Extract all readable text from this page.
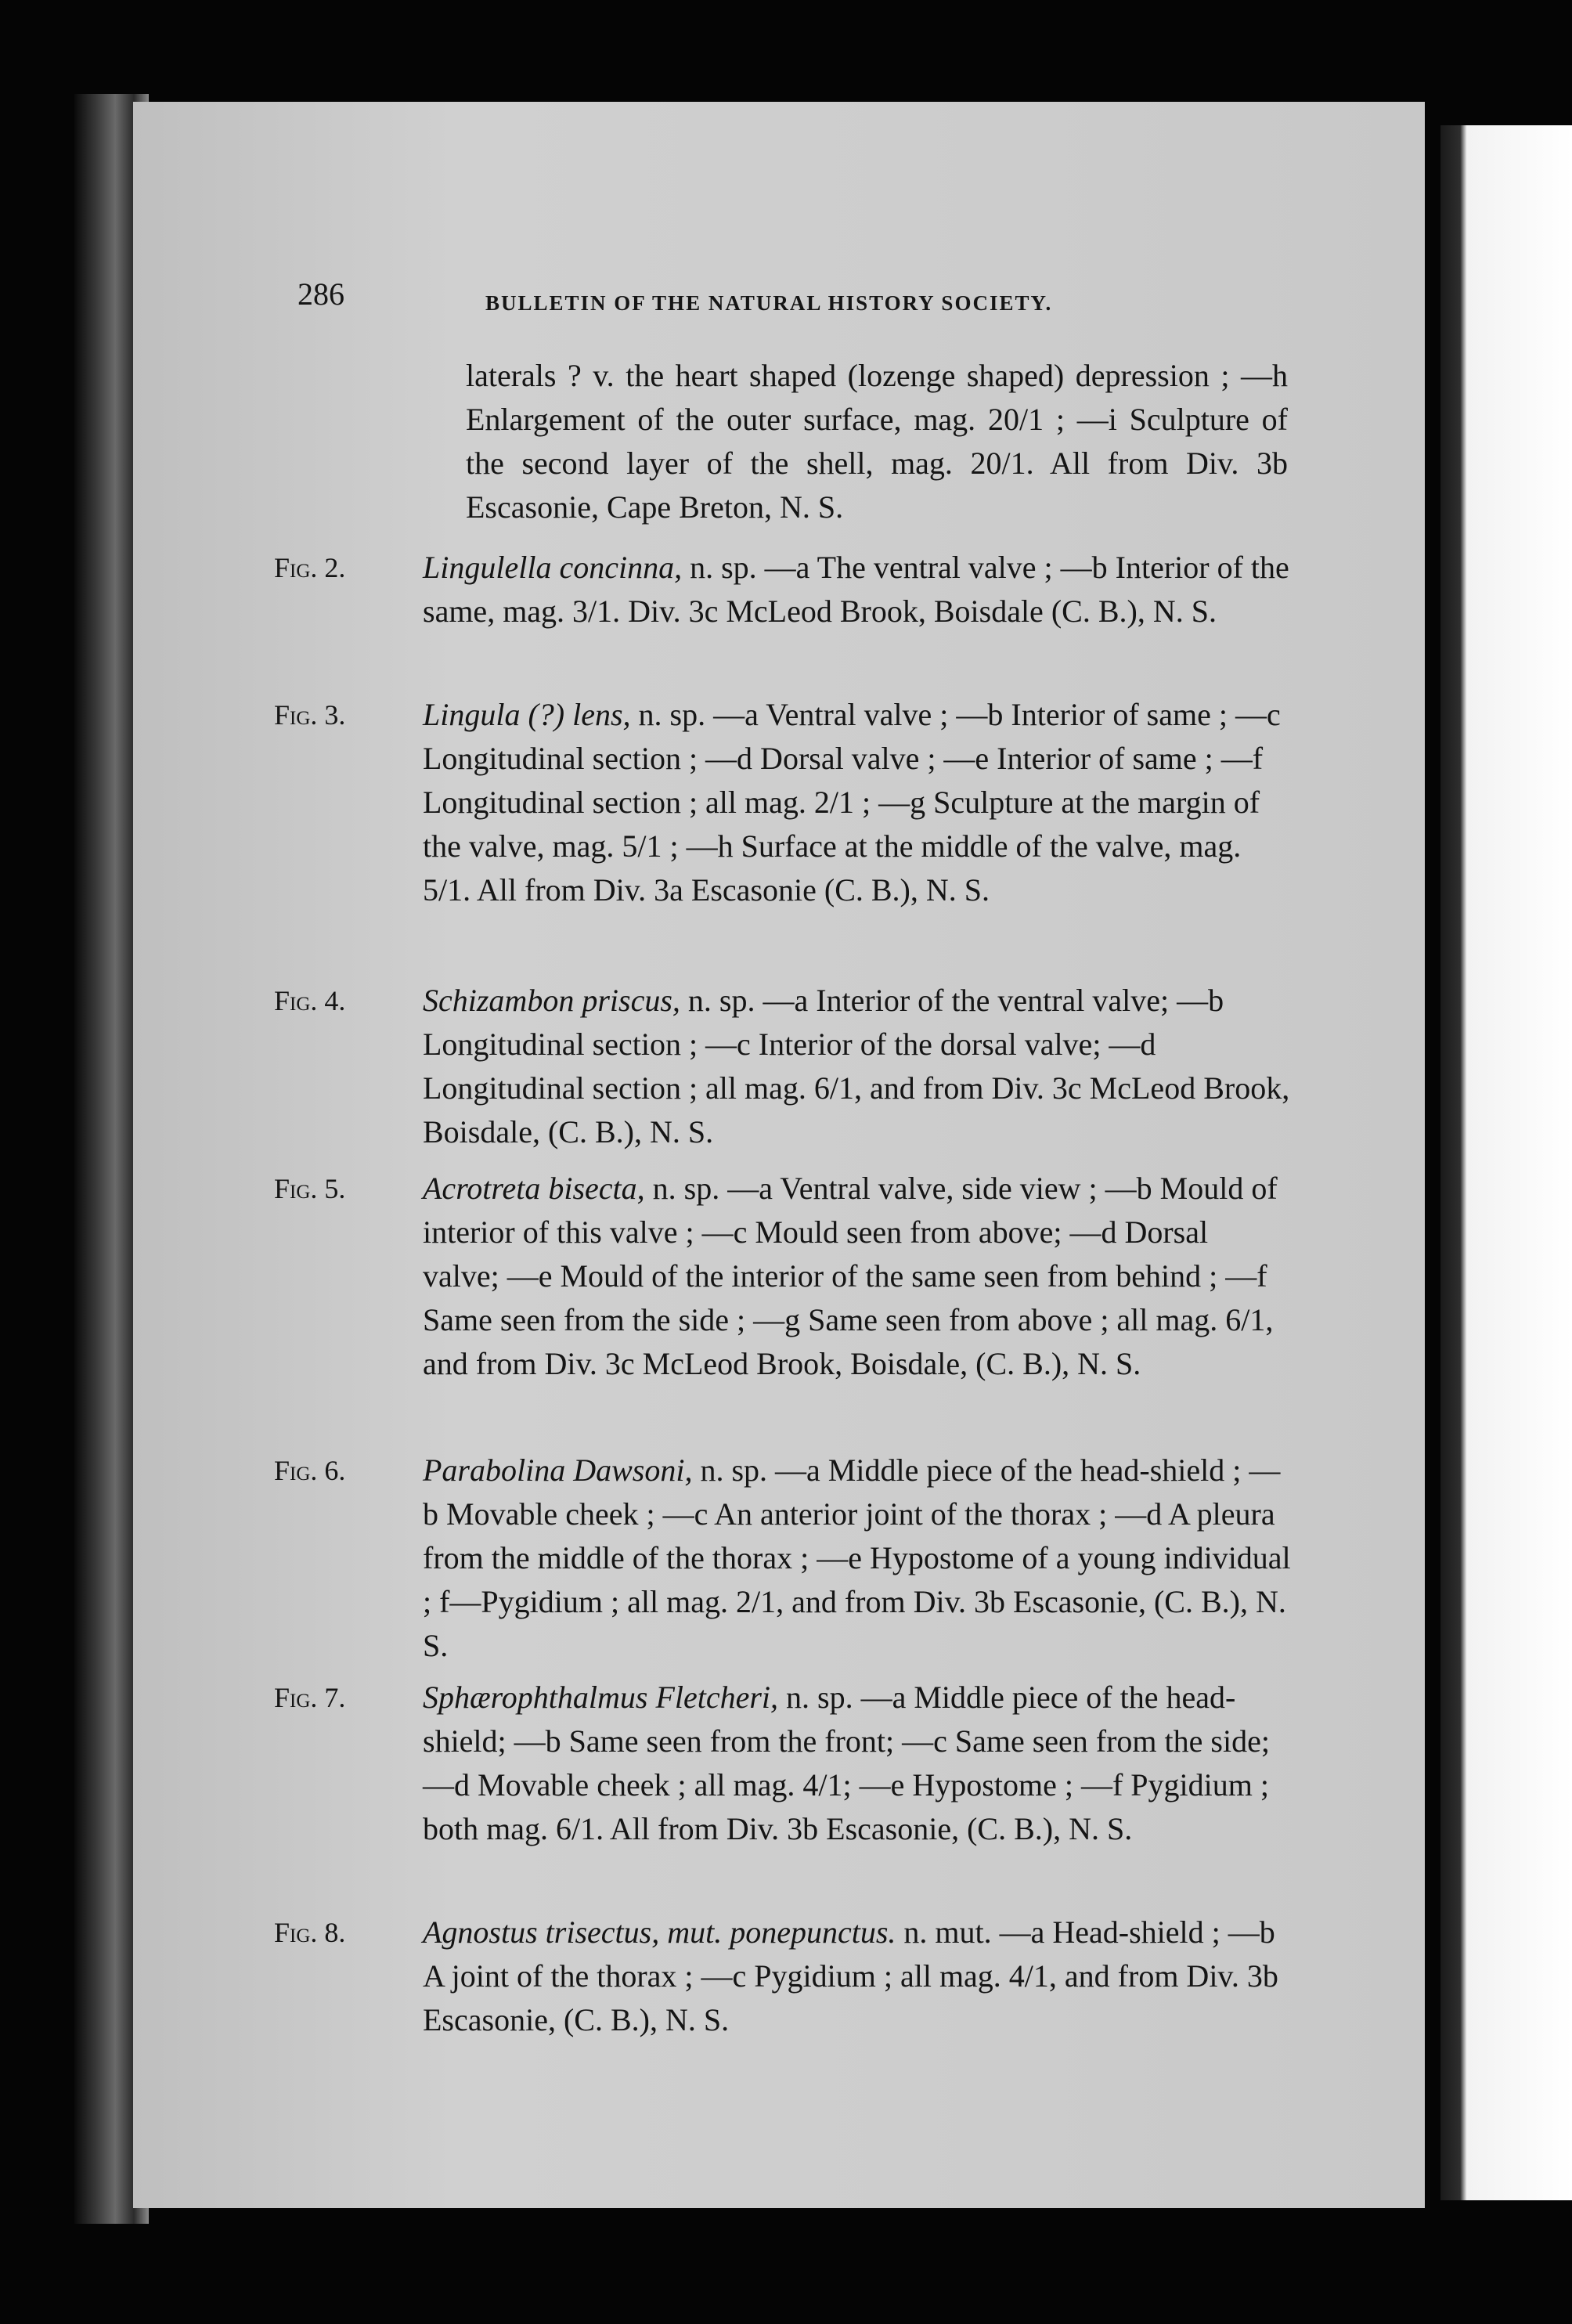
286	BULLETIN OF THE NATURAL HISTORY SOCIETY.
laterals ? v. the heart shaped (lozenge shaped) depression ; —h Enlargement of the outer surface, mag. 20/1 ; —i Sculpture of the second layer of the shell, mag. 20/1. All from Div. 3b Escasonie, Cape Breton, N. S.
Fig. 2. Lingulella concinna, n. sp. —a The ventral valve ; —b Interior of the same, mag. 3/1. Div. 3c McLeod Brook, Boisdale (C. B.), N. S.
Fig. 3. Lingula (?) lens, n. sp. —a Ventral valve ; —b Interior of same ; —c Longitudinal section ; —d Dorsal valve ; —e Interior of same ; —f Longitudinal section ; all mag. 2/1 ; —g Sculpture at the margin of the valve, mag. 5/1 ; —h Surface at the middle of the valve, mag. 5/1. All from Div. 3a Escasonie (C. B.), N. S.
Fig. 4. Schizambon priscus, n. sp. —a Interior of the ventral valve; —b Longitudinal section ; —c Interior of the dorsal valve; —d Longitudinal section ; all mag. 6/1, and from Div. 3c McLeod Brook, Boisdale, (C. B.), N. S.
Fig. 5. Acrotreta bisecta, n. sp. —a Ventral valve, side view ; —b Mould of interior of this valve ; —c Mould seen from above; —d Dorsal valve; —e Mould of the interior of the same seen from behind ; —f Same seen from the side ; —g Same seen from above ; all mag. 6/1, and from Div. 3c McLeod Brook, Boisdale, (C. B.), N. S.
Fig. 6. Parabolina Dawsoni, n. sp. —a Middle piece of the head-shield ; —b Movable cheek ; —c An anterior joint of the thorax ; —d A pleura from the middle of the thorax ; —e Hypostome of a young individual ; f—Pygidium ; all mag. 2/1, and from Div. 3b Escasonie, (C. B.), N. S.
Fig. 7. Sphærophthalmus Fletcheri, n. sp. —a Middle piece of the head-shield; —b Same seen from the front; —c Same seen from the side; —d Movable cheek ; all mag. 4/1; —e Hypostome ; —f Pygidium ; both mag. 6/1. All from Div. 3b Escasonie, (C. B.), N. S.
Fig. 8. Agnostus trisectus, mut. ponepunctus. n. mut. —a Head-shield ; —b A joint of the thorax ; —c Pygidium ; all mag. 4/1, and from Div. 3b Escasonie, (C. B.), N. S.
